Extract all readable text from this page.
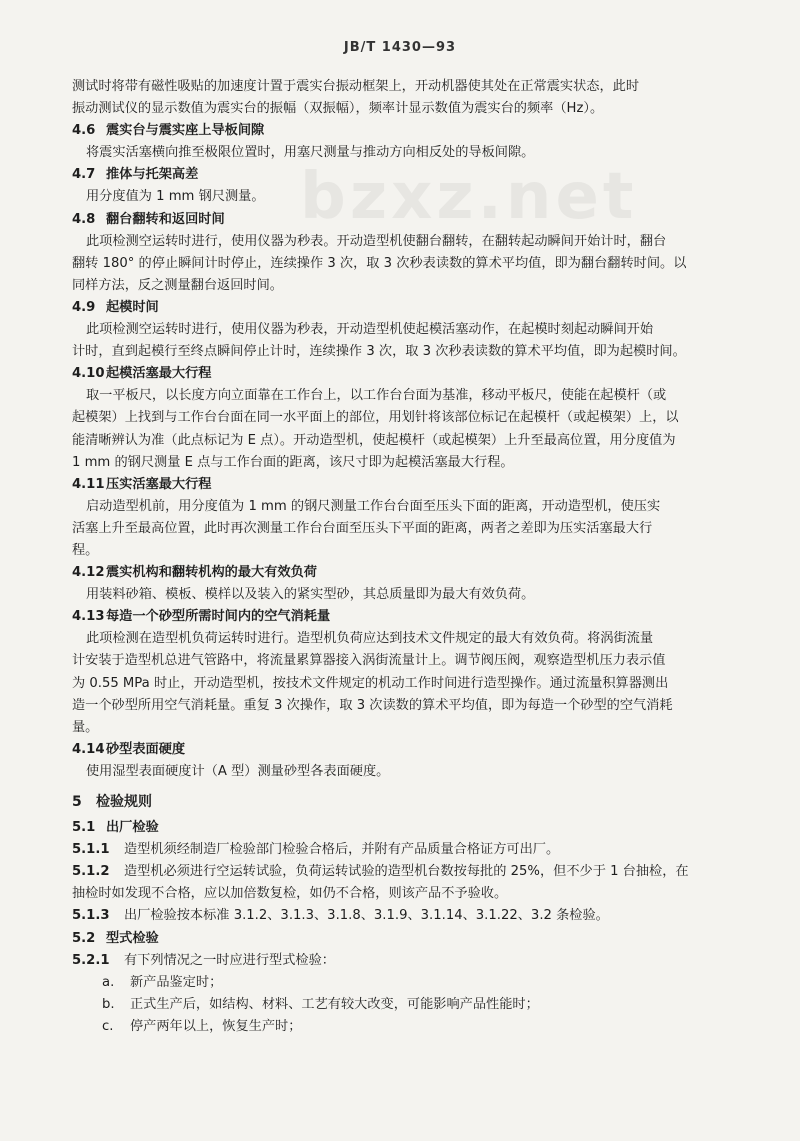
JB/T 1430—93
bzxz.net
测试时将带有磁性吸贴的加速度计置于震实台振动框架上，开动机器使其处在正常震实状态，此时
振动测试仪的显示数值为震实台的振幅（双振幅），频率计显示数值为震实台的频率（Hz）。
4.6 震实台与震实座上导板间隙
将震实活塞横向推至极限位置时，用塞尺测量与推动方向相反处的导板间隙。
4.7 推体与托架高差
用分度值为 1 mm 钢尺测量。
4.8 翻台翻转和返回时间
此项检测空运转时进行，使用仪器为秒表。开动造型机使翻台翻转，在翻转起动瞬间开始计时，翻台
翻转 180° 的停止瞬间计时停止，连续操作 3 次，取 3 次秒表读数的算术平均值，即为翻台翻转时间。以
同样方法，反之测量翻台返回时间。
4.9 起模时间
此项检测空运转时进行，使用仪器为秒表，开动造型机使起模活塞动作，在起模时刻起动瞬间开始
计时，直到起模行至终点瞬间停止计时，连续操作 3 次，取 3 次秒表读数的算术平均值，即为起模时间。
4.10起模活塞最大行程
取一平板尺，以长度方向立面靠在工作台上，以工作台台面为基准，移动平板尺，使能在起模杆（或
起模架）上找到与工作台台面在同一水平面上的部位，用划针将该部位标记在起模杆（或起模架）上，以
能清晰辨认为准（此点标记为 E 点）。开动造型机，使起模杆（或起模架）上升至最高位置，用分度值为
1 mm 的钢尺测量 E 点与工作台面的距离，该尺寸即为起模活塞最大行程。
4.11压实活塞最大行程
启动造型机前，用分度值为 1 mm 的钢尺测量工作台台面至压头下面的距离，开动造型机，使压实
活塞上升至最高位置，此时再次测量工作台台面至压头下平面的距离，两者之差即为压实活塞最大行
程。
4.12震实机构和翻转机构的最大有效负荷
用装料砂箱、模板、模样以及装入的紧实型砂，其总质量即为最大有效负荷。
4.13每造一个砂型所需时间内的空气消耗量
此项检测在造型机负荷运转时进行。造型机负荷应达到技术文件规定的最大有效负荷。将涡街流量
计安装于造型机总进气管路中，将流量累算器接入涡街流量计上。调节阀压阀，观察造型机压力表示值
为 0.55 MPa 时止，开动造型机，按技术文件规定的机动工作时间进行造型操作。通过流量积算器测出
造一个砂型所用空气消耗量。重复 3 次操作，取 3 次读数的算术平均值，即为每造一个砂型的空气消耗
量。
4.14砂型表面硬度
使用湿型表面硬度计（A 型）测量砂型各表面硬度。
5 检验规则
5.1 出厂检验
5.1.1 造型机须经制造厂检验部门检验合格后，并附有产品质量合格证方可出厂。
5.1.2 造型机必须进行空运转试验，负荷运转试验的造型机台数按每批的 25%，但不少于 1 台抽检，在
抽检时如发现不合格，应以加倍数复检，如仍不合格，则该产品不予验收。
5.1.3 出厂检验按本标准 3.1.2、3.1.3、3.1.8、3.1.9、3.1.14、3.1.22、3.2 条检验。
5.2 型式检验
5.2.1 有下列情况之一时应进行型式检验：
a. 新产品鉴定时；
b. 正式生产后，如结构、材料、工艺有较大改变，可能影响产品性能时；
c. 停产两年以上，恢复生产时；
